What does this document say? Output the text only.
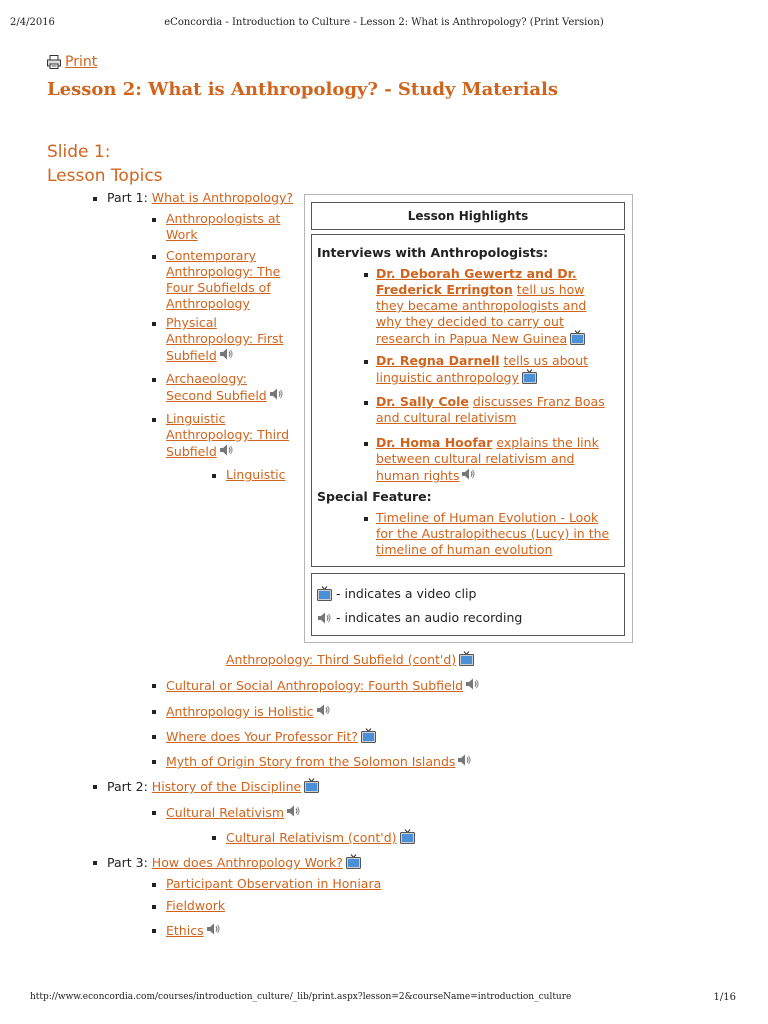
2/4/2016	eConcordia - Introduction to Culture - Lesson 2: What is Anthropology? (Print Version)
http://www.econcordia.com/courses/introduction_culture/_lib/print.aspx?lesson=2&courseName=introduction_culture	1/16
Print
Lesson 2: What is Anthropology? - Study Materials
Slide 1:
Lesson Topics
Part 1: What is Anthropology?
Anthropologists at Work
Contemporary Anthropology: The Four Subfields of Anthropology
Physical Anthropology: First Subfield
Archaeology: Second Subfield
Linguistic Anthropology: Third Subfield
Linguistic
Anthropology: Third Subfield (cont'd)
Cultural or Social Anthropology: Fourth Subfield
Anthropology is Holistic
Where does Your Professor Fit?
Myth of Origin Story from the Solomon Islands
Part 2: History of the Discipline
Cultural Relativism
Cultural Relativism (cont'd)
Part 3: How does Anthropology Work?
Participant Observation in Honiara
Fieldwork
Ethics
Lesson Highlights
Interviews with Anthropologists:
Dr. Deborah Gewertz and Dr. Frederick Errington tell us how they became anthropologists and why they decided to carry out research in Papua New Guinea
Dr. Regna Darnell tells us about linguistic anthropology
Dr. Sally Cole discusses Franz Boas and cultural relativism
Dr. Homa Hoofar explains the link between cultural relativism and human rights
Special Feature:
Timeline of Human Evolution - Look for the Australopithecus (Lucy) in the timeline of human evolution
- indicates a video clip
- indicates an audio recording
